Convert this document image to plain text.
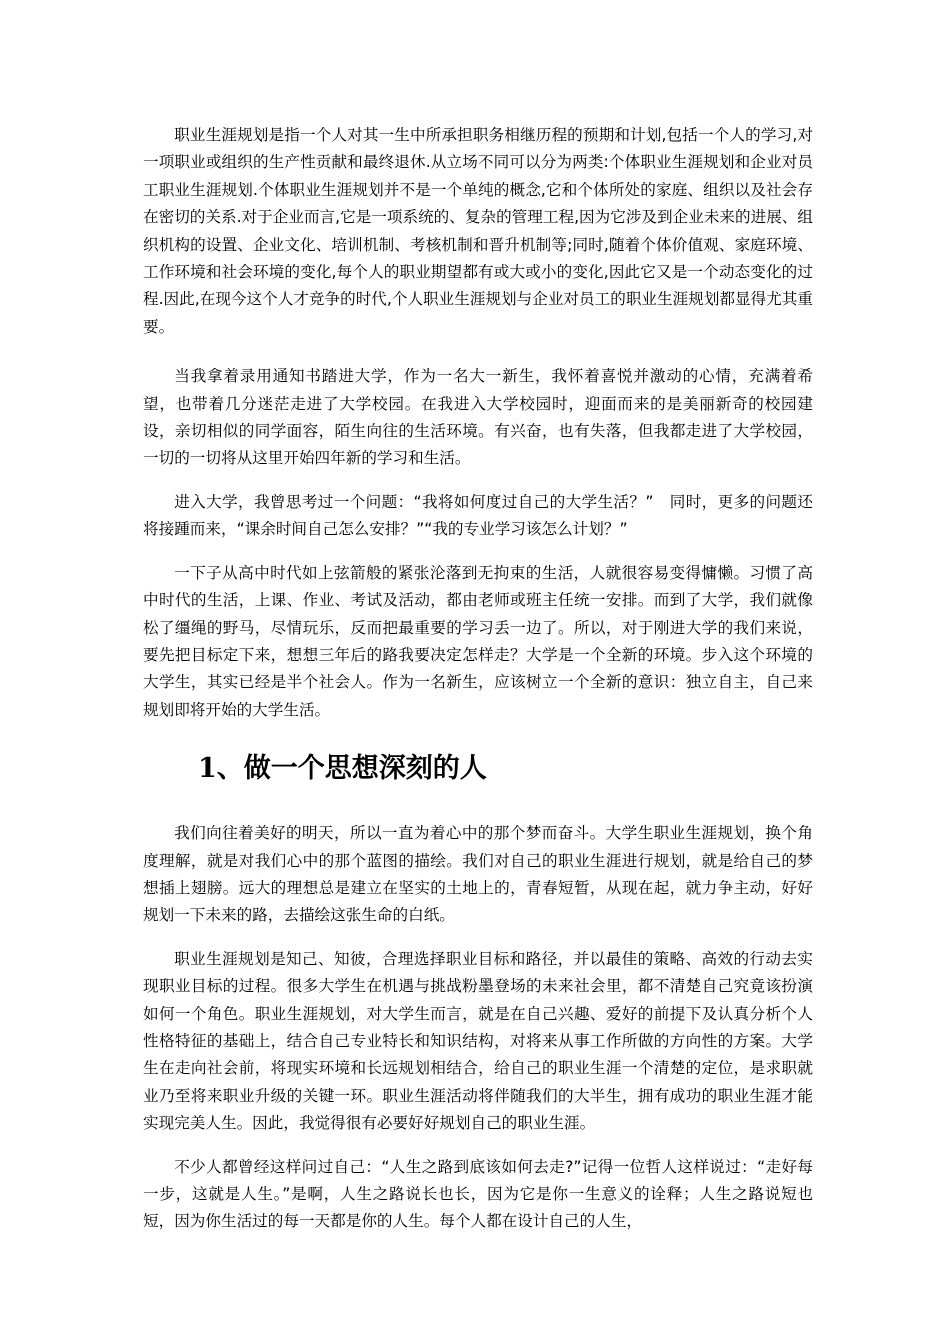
职业生涯规划是指一个人对其一生中所承担职务相继历程的预期和计划,包括一个人的学习,对一项职业或组织的生产性贡献和最终退休.从立场不同可以分为两类:个体职业生涯规划和企业对员工职业生涯规划.个体职业生涯规划并不是一个单纯的概念,它和个体所处的家庭、组织以及社会存在密切的关系.对于企业而言,它是一项系统的、复杂的管理工程,因为它涉及到企业未来的进展、组织机构的设置、企业文化、培训机制、考核机制和晋升机制等;同时,随着个体价值观、家庭环境、工作环境和社会环境的变化,每个人的职业期望都有或大或小的变化,因此它又是一个动态变化的过程.因此,在现今这个人才竞争的时代,个人职业生涯规划与企业对员工的职业生涯规划都显得尤其重要。

当我拿着录用通知书踏进大学，作为一名大一新生，我怀着喜悦并激动的心情，充满着希望，也带着几分迷茫走进了大学校园。在我进入大学校园时，迎面而来的是美丽新奇的校园建设，亲切相似的同学面容，陌生向往的生活环境。有兴奋，也有失落，但我都走进了大学校园，一切的一切将从这里开始四年新的学习和生活。

进入大学，我曾思考过一个问题：“我将如何度过自己的大学生活？”　同时，更多的问题还将接踵而来，“课余时间自己怎么安排？”“我的专业学习该怎么计划？”

一下子从高中时代如上弦箭般的紧张沦落到无拘束的生活，人就很容易变得慵懒。习惯了高中时代的生活，上课、作业、考试及活动，都由老师或班主任统一安排。而到了大学，我们就像松了缰绳的野马，尽情玩乐，反而把最重要的学习丢一边了。所以，对于刚进大学的我们来说，要先把目标定下来，想想三年后的路我要决定怎样走？大学是一个全新的环境。步入这个环境的大学生，其实已经是半个社会人。作为一名新生，应该树立一个全新的意识：独立自主，自己来规划即将开始的大学生活。

1、做一个思想深刻的人

我们向往着美好的明天，所以一直为着心中的那个梦而奋斗。大学生职业生涯规划，换个角度理解，就是对我们心中的那个蓝图的描绘。我们对自己的职业生涯进行规划，就是给自己的梦想插上翅膀。远大的理想总是建立在坚实的土地上的，青春短暂，从现在起，就力争主动，好好规划一下未来的路，去描绘这张生命的白纸。

职业生涯规划是知己、知彼，合理选择职业目标和路径，并以最佳的策略、高效的行动去实现职业目标的过程。很多大学生在机遇与挑战粉墨登场的未来社会里，都不清楚自己究竟该扮演如何一个角色。职业生涯规划，对大学生而言，就是在自己兴趣、爱好的前提下及认真分析个人性格特征的基础上，结合自己专业特长和知识结构，对将来从事工作所做的方向性的方案。大学生在走向社会前，将现实环境和长远规划相结合，给自己的职业生涯一个清楚的定位，是求职就业乃至将来职业升级的关键一环。职业生涯活动将伴随我们的大半生，拥有成功的职业生涯才能实现完美人生。因此，我觉得很有必要好好规划自己的职业生涯。

不少人都曾经这样问过自己：“人生之路到底该如何去走?”记得一位哲人这样说过：“走好每一步，这就是人生。”是啊，人生之路说长也长，因为它是你一生意义的诠释；人生之路说短也短，因为你生活过的每一天都是你的人生。每个人都在设计自己的人生，
